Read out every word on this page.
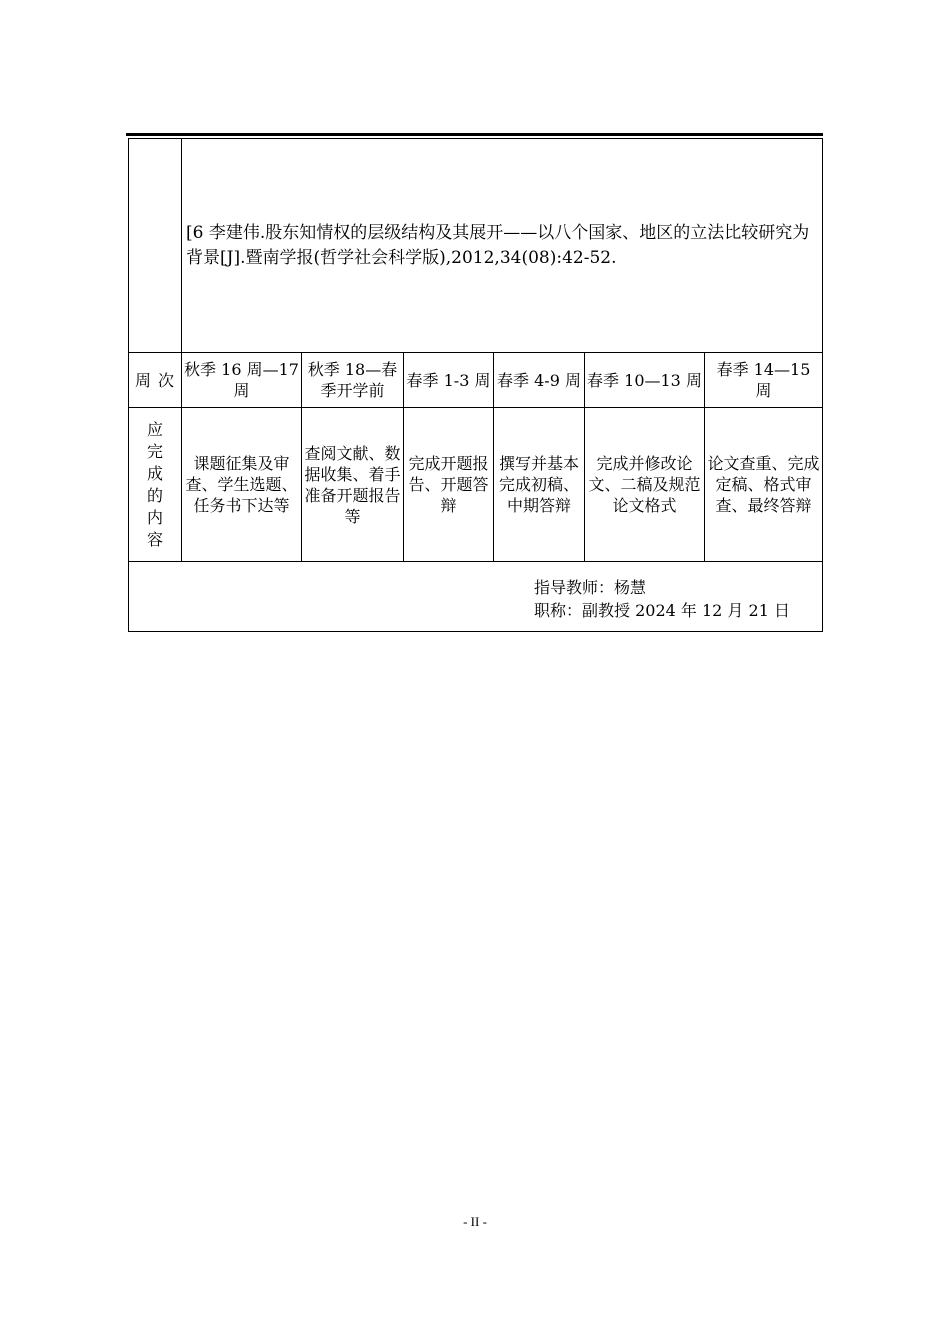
	[6 李建伟.股东知情权的层级结构及其展开——以八个国家、地区的立法比较研究为背景[J].暨南学报(哲学社会科学版),2012,34(08):42-52.					
周 次	秋季 16 周—17 周	秋季 18—春季开学前	春季 1-3 周	春季 4-9 周	春季 10—13 周	春季 14—15 周
应完成的内容	课题征集及审查、学生选题、任务书下达等	查阅文献、数据收集、着手准备开题报告等	完成开题报告、开题答辩	撰写并基本完成初稿、中期答辩	完成并修改论文、二稿及规范论文格式	论文查重、完成定稿、格式审查、最终答辩

指导教师：杨慧
职称：副教授 2024 年 12 月 21 日
- II -
